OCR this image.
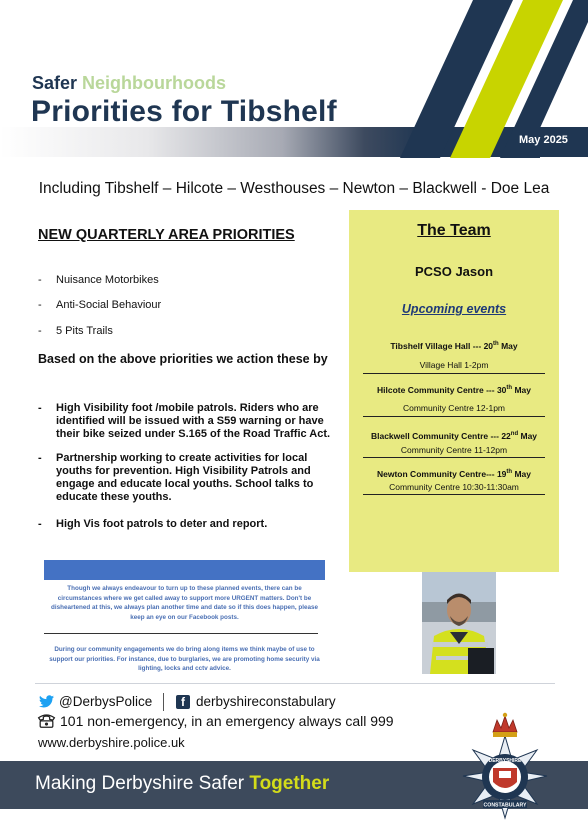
Safer Neighbourhoods
Priorities for Tibshelf
May 2025
Including Tibshelf – Hilcote – Westhouses – Newton – Blackwell - Doe Lea
NEW QUARTERLY AREA PRIORITIES
-	Nuisance Motorbikes
-	Anti-Social Behaviour
-	5 Pits Trails
Based on the above priorities we action these by
-	High Visibility foot /mobile patrols. Riders who are identified will be issued with a S59 warning or have their bike seized under S.165 of the Road Traffic Act.
-	Partnership working to create activities for local youths for prevention. High Visibility Patrols and engage and educate local youths. School talks to educate these youths.
-	High Vis foot patrols to deter and report.
The Team
PCSO Jason
Upcoming events
Tibshelf Village Hall --- 20th May
Village Hall 1-2pm
Hilcote Community Centre --- 30th May
Community Centre 12-1pm
Blackwell Community Centre --- 22nd May
Community Centre 11-12pm
Newton Community Centre--- 19th May
Community Centre 10:30-11:30am
Though we always endeavour to turn up to these planned events, there can be circumstances where we get called away to support more URGENT matters. Don't be disheartened at this, we always plan another time and date so if this does happen, please keep an eye on our Facebook posts.
During our community engagements we do bring along items we think maybe of use to support our priorities. For instance, due to burglaries, we are promoting home security via lighting, locks and cctv advice.
@DerbysPolice	f derbyshireconstabulary
101 non-emergency, in an emergency always call 999
www.derbyshire.police.uk
Making Derbyshire Safer Together
DERBYSHIRE
CONSTABULARY
